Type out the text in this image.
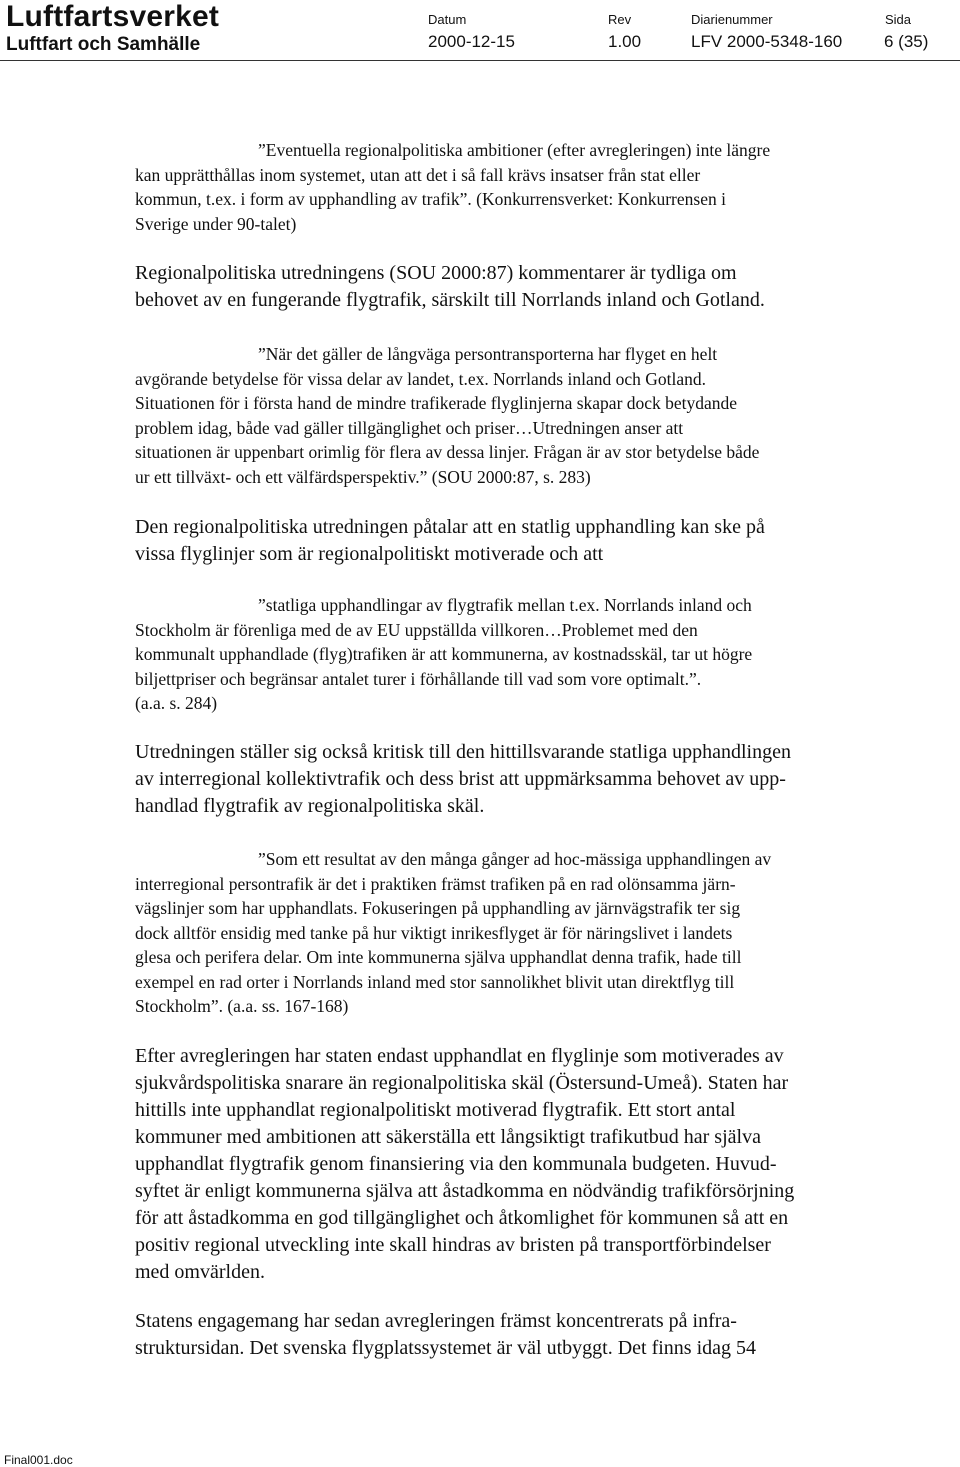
Luftfartsverket
Luftfart och Samhälle
Datum
2000-12-15
Rev
1.00
Diarienummer
LFV 2000-5348-160
Sida
6 (35)
”Eventuella regionalpolitiska ambitioner (efter avregleringen) inte längre
kan upprätthållas inom systemet, utan att det i så fall krävs insatser från stat eller
kommun, t.ex. i form av upphandling av trafik”. (Konkurrensverket: Konkurrensen i
Sverige under 90-talet)
Regionalpolitiska utredningens (SOU 2000:87) kommentarer är tydliga om
behovet av en fungerande flygtrafik, särskilt till Norrlands inland och Gotland.
”När det gäller de långväga persontransporterna har flyget en helt
avgörande betydelse för vissa delar av landet, t.ex. Norrlands inland och Gotland.
Situationen för i första hand de mindre trafikerade flyglinjerna skapar dock betydande
problem idag, både vad gäller tillgänglighet och priser…Utredningen anser att
situationen är uppenbart orimlig för flera av dessa linjer. Frågan är av stor betydelse både
ur ett tillväxt- och ett välfärdsperspektiv.” (SOU 2000:87, s. 283)
Den regionalpolitiska utredningen påtalar att en statlig upphandling kan ske på
vissa flyglinjer som är regionalpolitiskt motiverade och att
”statliga upphandlingar av flygtrafik mellan t.ex. Norrlands inland och
Stockholm är förenliga med de av EU uppställda villkoren…Problemet med den
kommunalt upphandlade (flyg)trafiken är att kommunerna, av kostnadsskäl, tar ut högre
biljettpriser och begränsar antalet turer i förhållande till vad som vore optimalt.”.
(a.a. s. 284)
Utredningen ställer sig också kritisk till den hittillsvarande statliga upphandlingen
av interregional kollektivtrafik och dess brist att uppmärksamma behovet av upp-
handlad flygtrafik av regionalpolitiska skäl.
”Som ett resultat av den många gånger ad hoc-mässiga upphandlingen av
interregional persontrafik är det i praktiken främst trafiken på en rad olönsamma järn-
vägslinjer som har upphandlats. Fokuseringen på upphandling av järnvägstrafik ter sig
dock alltför ensidig med tanke på hur viktigt inrikesflyget är för näringslivet i landets
glesa och perifera delar. Om inte kommunerna själva upphandlat denna trafik, hade till
exempel en rad orter i Norrlands inland med stor sannolikhet blivit utan direktflyg till
Stockholm”. (a.a. ss. 167-168)
Efter avregleringen har staten endast upphandlat en flyglinje som motiverades av
sjukvårdspolitiska snarare än regionalpolitiska skäl (Östersund-Umeå). Staten har
hittills inte upphandlat regionalpolitiskt motiverad flygtrafik. Ett stort antal
kommuner med ambitionen att säkerställa ett långsiktigt trafikutbud har själva
upphandlat flygtrafik genom finansiering via den kommunala budgeten. Huvud-
syftet är enligt kommunerna själva att åstadkomma en nödvändig trafikförsörjning
för att åstadkomma en god tillgänglighet och åtkomlighet för kommunen så att en
positiv regional utveckling inte skall hindras av bristen på transportförbindelser
med omvärlden.
Statens engagemang har sedan avregleringen främst koncentrerats på infra-
struktursidan. Det svenska flygplatssystemet är väl utbyggt. Det finns idag 54
Final001.doc
